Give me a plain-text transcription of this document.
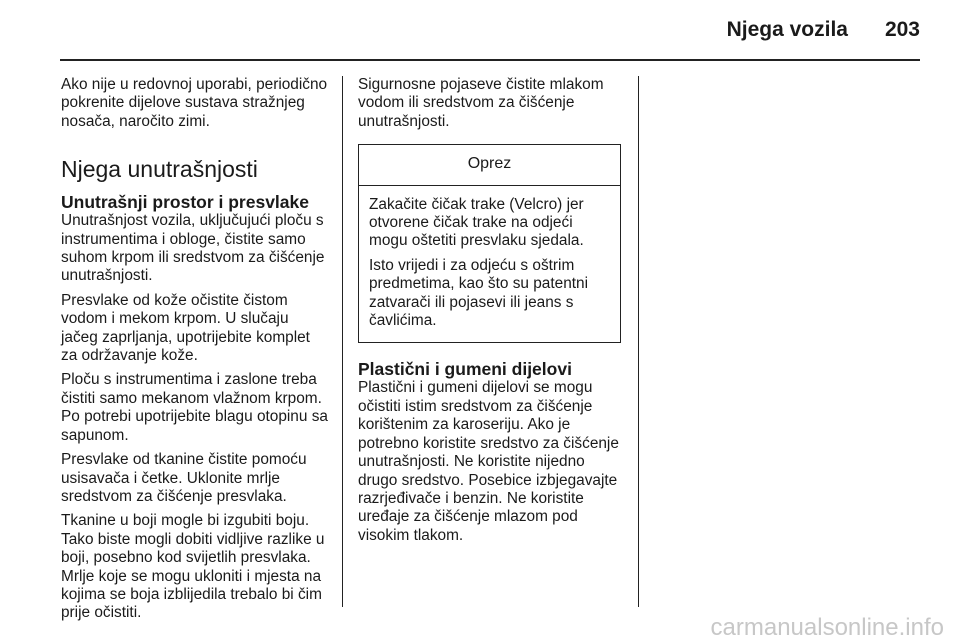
Njega vozila 203

Ako nije u redovnoj uporabi, periodično pokrenite dijelove sustava stražnjeg nosača, naročito zimi.

Njega unutrašnjosti
Unutrašnji prostor i presvlake

Unutrašnjost vozila, uključujući ploču s instrumentima i obloge, čistite samo suhom krpom ili sredstvom za čišćenje unutrašnjosti.

Presvlake od kože očistite čistom vodom i mekom krpom. U slučaju jačeg zaprljanja, upotrijebite komplet za održavanje kože.

Ploču s instrumentima i zaslone treba čistiti samo mekanom vlažnom krpom. Po potrebi upotrijebite blagu otopinu sa sapunom.

Presvlake od tkanine čistite pomoću usisavača i četke. Uklonite mrlje sredstvom za čišćenje presvlaka.

Tkanine u boji mogle bi izgubiti boju. Tako biste mogli dobiti vidljive razlike u boji, posebno kod svijetlih presvlaka. Mrlje koje se mogu ukloniti i mjesta na kojima se boja izblijedila trebalo bi čim prije očistiti.

Sigurnosne pojaseve čistite mlakom vodom ili sredstvom za čišćenje unutrašnjosti.

Oprez

Zakačite čičak trake (Velcro) jer otvorene čičak trake na odjeći mogu oštetiti presvlaku sjedala.

Isto vrijedi i za odjeću s oštrim predmetima, kao što su patentni zatvarači ili pojasevi ili jeans s čavlićima.

Plastični i gumeni dijelovi

Plastični i gumeni dijelovi se mogu očistiti istim sredstvom za čišćenje korištenim za karoseriju. Ako je potrebno koristite sredstvo za čišćenje unutrašnjosti. Ne koristite nijedno drugo sredstvo. Posebice izbjegavajte razrjeđivače i benzin. Ne koristite uređaje za čišćenje mlazom pod visokim tlakom.

carmanualsonline.info
